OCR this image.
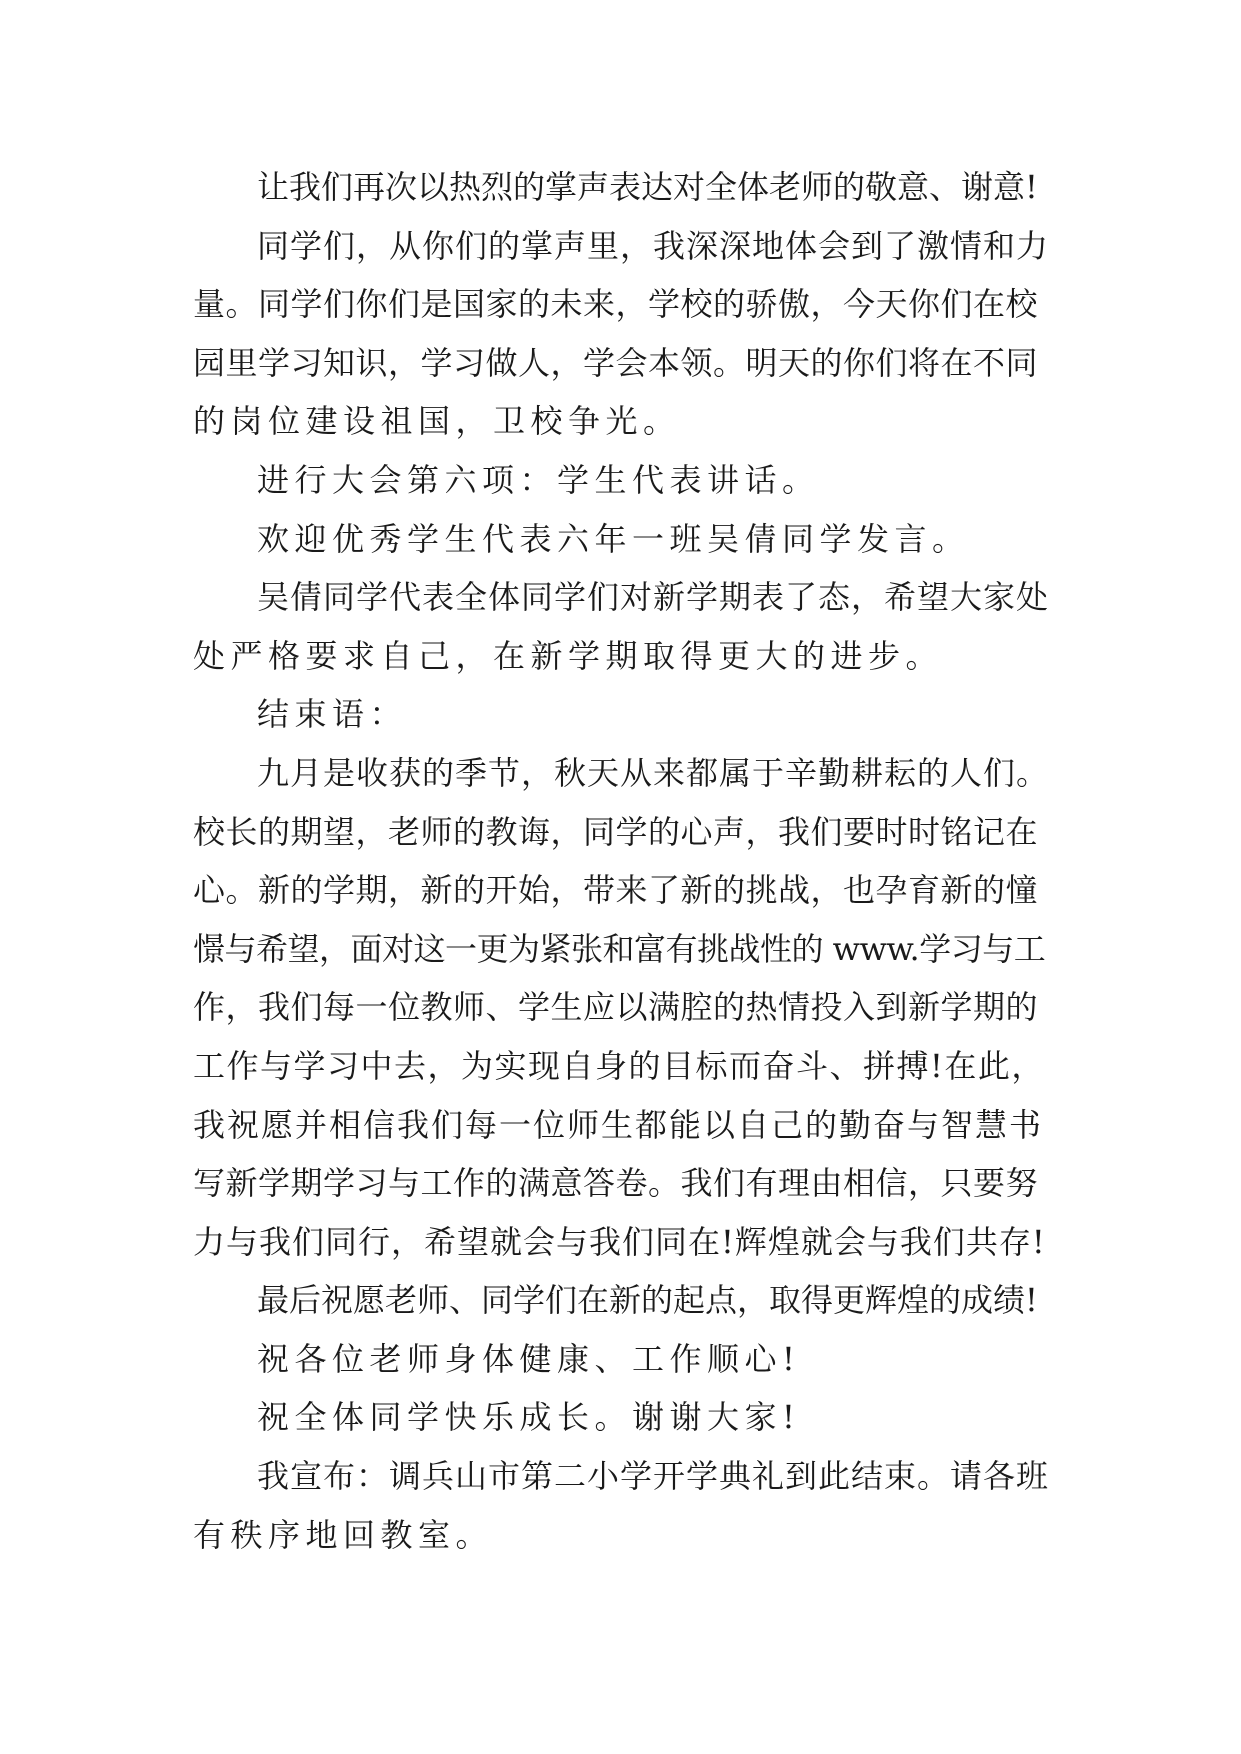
让我们再次以热烈的掌声表达对全体老师的敬意、谢意!
同学们，从你们的掌声里，我深深地体会到了激情和力
量。同学们你们是国家的未来，学校的骄傲，今天你们在校
园里学习知识，学习做人，学会本领。明天的你们将在不同
的岗位建设祖国，卫校争光。
进行大会第六项：学生代表讲话。
欢迎优秀学生代表六年一班吴倩同学发言。
吴倩同学代表全体同学们对新学期表了态，希望大家处
处严格要求自己，在新学期取得更大的进步。
结束语：
九月是收获的季节，秋天从来都属于辛勤耕耘的人们。
校长的期望，老师的教诲，同学的心声，我们要时时铭记在
心。新的学期，新的开始，带来了新的挑战，也孕育新的憧
憬与希望，面对这一更为紧张和富有挑战性的 www.学习与工
作，我们每一位教师、学生应以满腔的热情投入到新学期的
工作与学习中去，为实现自身的目标而奋斗、拼搏!在此，
我祝愿并相信我们每一位师生都能以自己的勤奋与智慧书
写新学期学习与工作的满意答卷。我们有理由相信，只要努
力与我们同行，希望就会与我们同在!辉煌就会与我们共存!
最后祝愿老师、同学们在新的起点，取得更辉煌的成绩!
祝各位老师身体健康、工作顺心!
祝全体同学快乐成长。谢谢大家!
我宣布：调兵山市第二小学开学典礼到此结束。请各班
有秩序地回教室。
